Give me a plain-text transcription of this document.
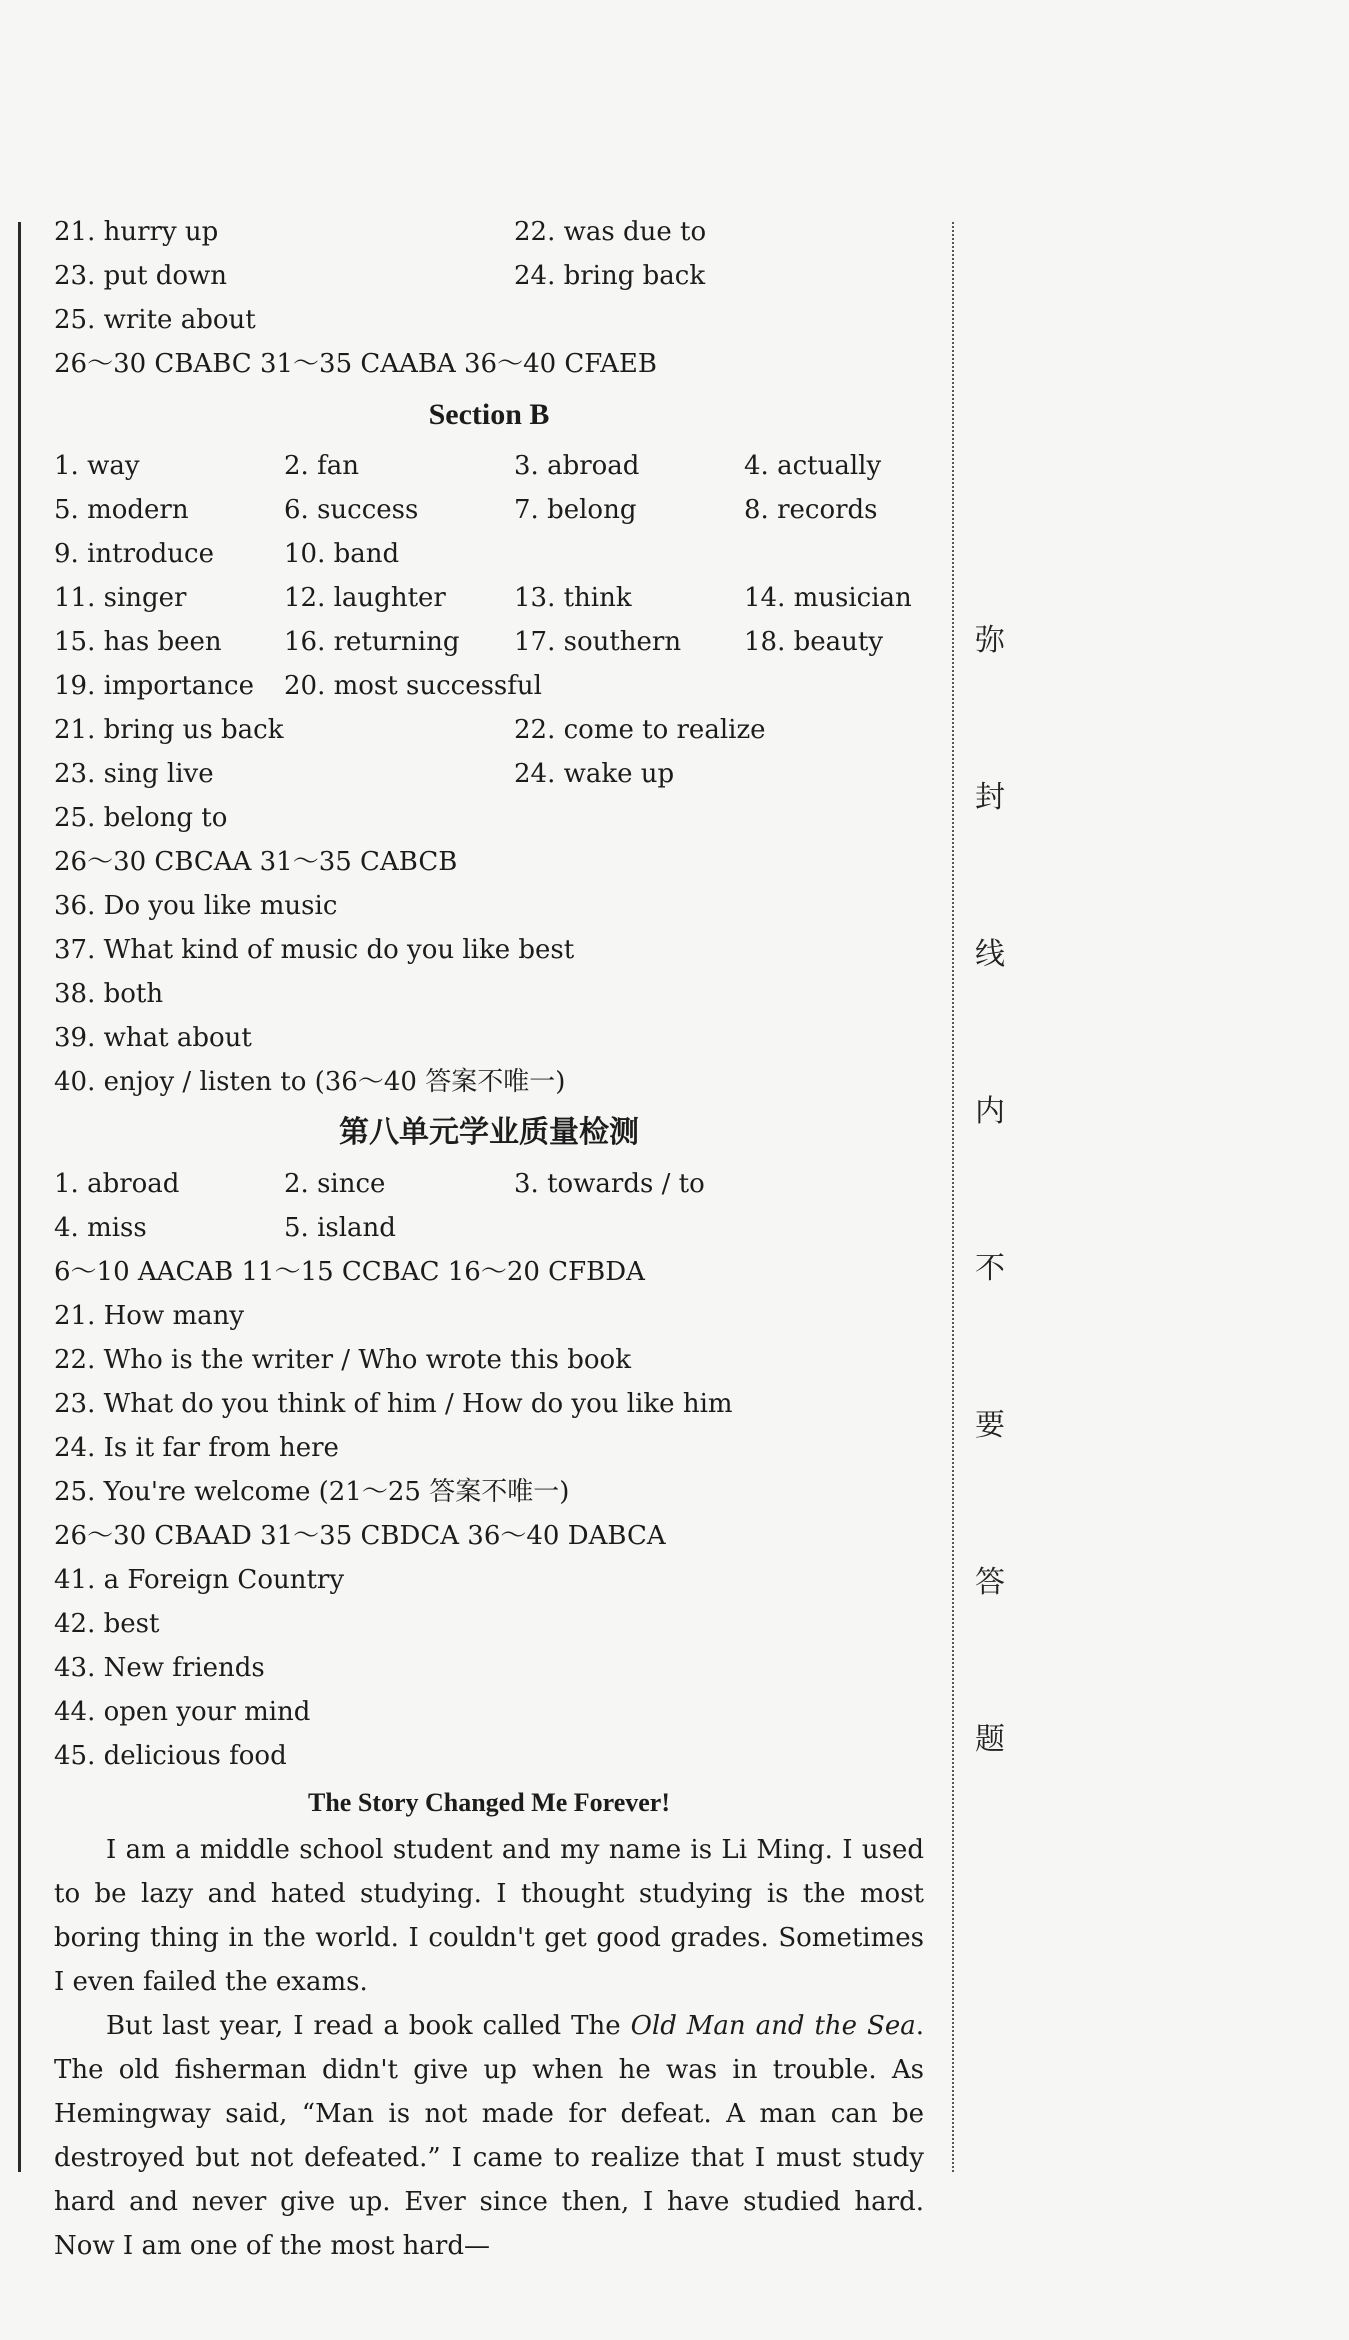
21. hurry up	22. was due to
23. put down	24. bring back
25. write about
26～30 CBABC 31～35 CAABA 36～40 CFAEB
Section B
1. way	2. fan	3. abroad	4. actually
5. modern	6. success	7. belong	8. records
9. introduce	10. band
11. singer	12. laughter	13. think	14. musician
15. has been 16. returning 17. southern 18. beauty
19. importance 20. most successful
21. bring us back	22. come to realize
23. sing live	24. wake up
25. belong to
26～30 CBCAA 31～35 CABCB
36. Do you like music
37. What kind of music do you like best
38. both
39. what about
40. enjoy / listen to (36～40 答案不唯一)
第八单元学业质量检测
1. abroad	2. since	3. towards / to
4. miss	5. island
6～10 AACAB 11～15 CCBAC 16～20 CFBDA
21. How many
22. Who is the writer / Who wrote this book
23. What do you think of him / How do you like him
24. Is it far from here
25. You're welcome (21～25 答案不唯一)
26～30 CBAAD 31～35 CBDCA 36～40 DABCA
41. a Foreign Country
42. best
43. New friends
44. open your mind
45. delicious food
The Story Changed Me Forever!
I am a middle school student and my name is Li Ming. I used to be lazy and hated studying. I thought studying is the most boring thing in the world. I couldn't get good grades. Sometimes I even failed the exams.
But last year, I read a book called The Old Man and the Sea. The old fisherman didn't give up when he was in trouble. As Hemingway said, “Man is not made for defeat. A man can be destroyed but not defeated.” I came to realize that I must study hard and never give up. Ever since then, I have studied hard. Now I am one of the most hard—
弥
封
线
内
不
要
答
题
